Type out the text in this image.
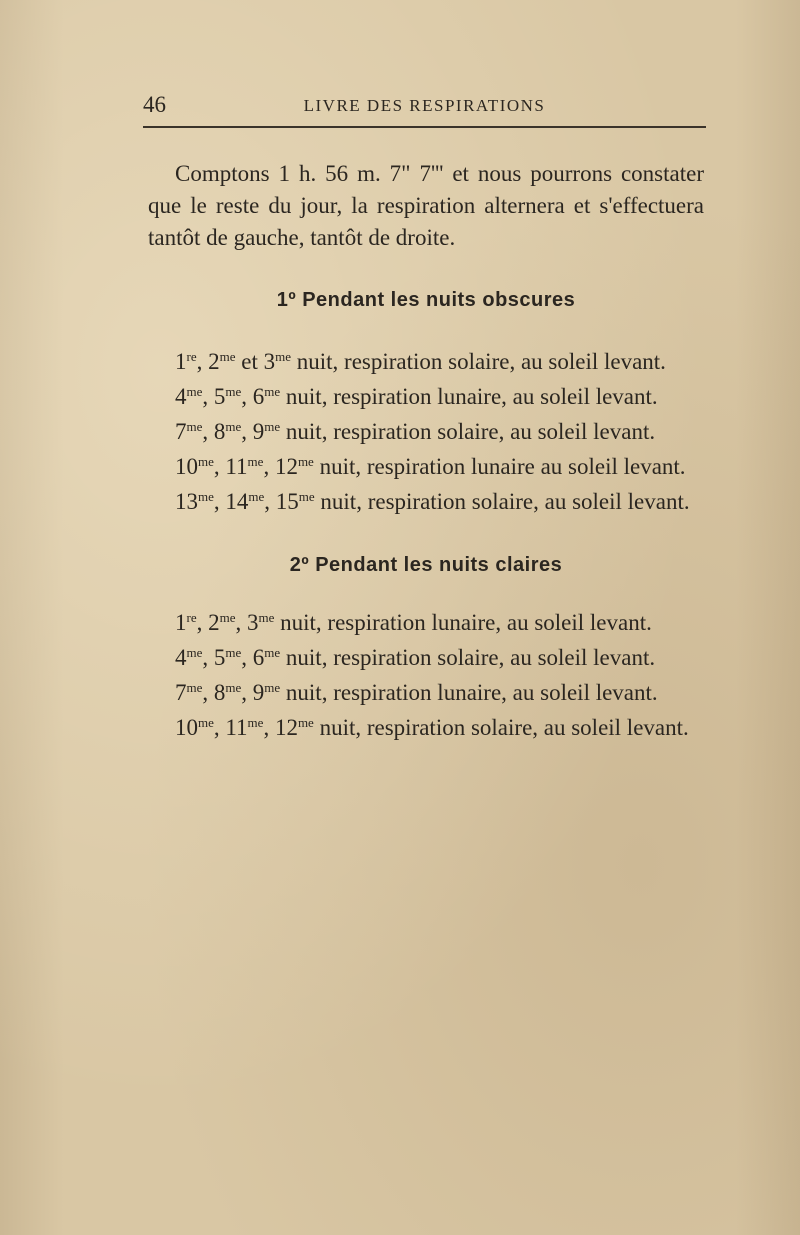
46	LIVRE DES RESPIRATIONS

Comptons 1 h. 56 m. 7" 7''' et nous pourrons constater que le reste du jour, la respiration alternera et s'effectuera tantôt de gauche, tantôt de droite.

1º Pendant les nuits obscures

1re, $2^{me}$ et $3^{me}$ nuit, respiration solaire, au soleil levant.

$4^{me}$, $5^{me}$, $6^{me}$ nuit, respiration lunaire, au soleil levant.

$7^{me}$, $8^{me}$, $9^{me}$ nuit, respiration solaire, au soleil levant.

$10^{me}$, $11^{me}$, $12^{me}$ nuit, respiration lunaire au soleil levant.

$13^{me}$, $14^{me}$, $15^{me}$ nuit, respiration solaire, au soleil levant.

2º Pendant les nuits claires

1re, $2^{me}$, $3^{me}$ nuit, respiration lunaire, au soleil levant.

$4^{me}$, $5^{me}$, $6^{me}$ nuit, respiration solaire, au soleil levant.

$7^{me}$, $8^{me}$, $9^{me}$ nuit, respiration lunaire, au soleil levant.

$10^{me}$, $11^{me}$, $12^{me}$ nuit, respiration solaire, au soleil levant.
